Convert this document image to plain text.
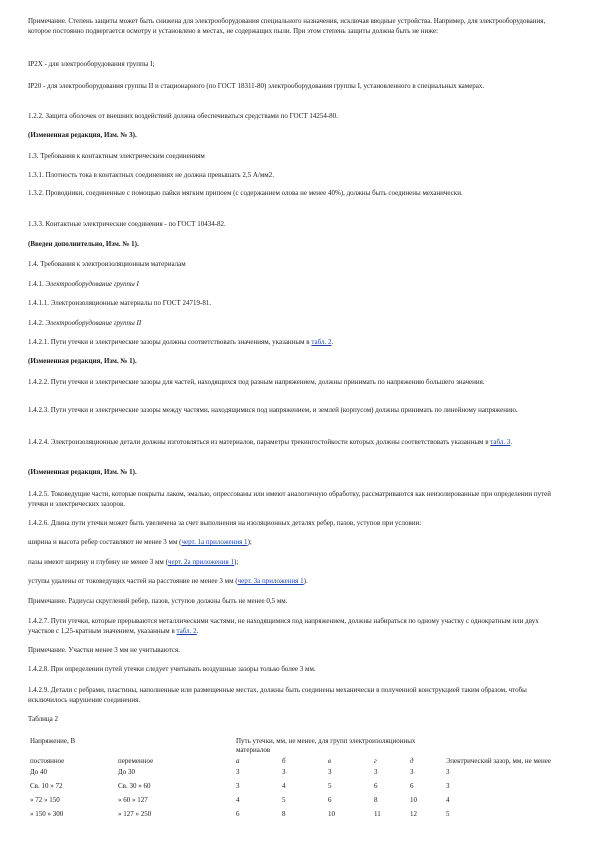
Примечание. Степень защиты может быть снижена для электрооборудования специального назначения, исключая вводные устройства. Например, для электрооборудования, которое постоянно подвергается осмотру и установлено в местах, не содержащих пыли. При этом степень защиты должна быть не ниже:

IP2X - для электрооборудования группы I;

IP20 - для электрооборудования группы II и стационарного (по ГОСТ 18311-80) электрооборудования группы I, установленного в специальных камерах.

1.2.2. Защита оболочек от внешних воздействий должна обеспечиваться средствами по ГОСТ 14254-80.

(Измененная редакция, Изм. № 3).

1.3. Требования к контактным электрическим соединениям

1.3.1. Плотность тока в контактных соединениях не должна превышать 2,5 А/мм2.

1.3.2. Проводники, соединенные с помощью пайки мягким припоем (с содержанием олова не менее 40%), должны быть соединены механически.

1.3.3. Контактные электрические соединения - по ГОСТ 10434-82.

(Введен дополнительно, Изм. № 1).

1.4. Требования к электроизоляционным материалам

1.4.1. Электрооборудование группы I

1.4.1.1. Электроизоляционные материалы по ГОСТ 24719-81.

1.4.2. Электрооборудование группы II

1.4.2.1. Пути утечки и электрические зазоры должны соответствовать значениям, указанным в табл. 2.

(Измененная редакция, Изм. № 1).

1.4.2.2. Пути утечки и электрические зазоры для частей, находящихся под разным напряжением, должны принимать по напряжению большего значения.

1.4.2.3. Пути утечки и электрические зазоры между частями, находящимися под напряжением, и землей (корпусом) должны принимать по линейному напряжению.

1.4.2.4. Электроизоляционные детали должны изготовляться из материалов, параметры трекингостойкости которых должны соответствовать указанным в табл. 3.

(Измененная редакция, Изм. № 1).

1.4.2.5. Токоведущие части, которые покрыты лаком, эмалью, опрессованы или имеют аналогичную обработку, рассматриваются как неизолированные при определении путей утечки и электрических зазоров.

1.4.2.6. Длина пути утечки может быть увеличена за счет выполнения на изоляционных деталях ребер, пазов, уступов при условии:

ширина и высота ребер составляют не менее 3 мм (черт. 1а приложения 1);

пазы имеют ширину и глубину не менее 3 мм (черт. 2а приложения 1);

уступы удалены от токоведущих частей на расстояние не менее 3 мм (черт. 3а приложения 1).

Примечание. Радиусы скруглений ребер, пазов, уступов должны быть не менее 0,5 мм.

1.4.2.7. Пути утечки, которые прерываются металлическими частями, не находящимися под напряжением, должны набираться по одному участку с однократным или двух участков с 1,25-кратным значением, указанным в табл. 2.

Примечание. Участки менее 3 мм не учитываются.

1.4.2.8. При определении путей утечки следует учитывать воздушные зазоры только более 3 мм.

1.4.2.9. Детали с ребрами, пластины, наполненные или размещенные местах, должны быть соединены механически в полученной конструкцией таким образом, чтобы исключилось нарушение соединения.

Таблица 2

Напряжение, В		Путь утечки, мм, не менее, для групп электроизоляционных материалов					Электрический зазор, мм, не менее
постоянное	переменное	а	б	в	г	д	
До 40	До 30	3	3	3	3	3	3
Св. 10 » 72	Св. 30 » 60	3	4	5	6	6	3
» 72 » 150	» 60 » 127	4	5	6	8	10	4
» 150 » 300	» 127 » 250	6	8	10	11	12	5
